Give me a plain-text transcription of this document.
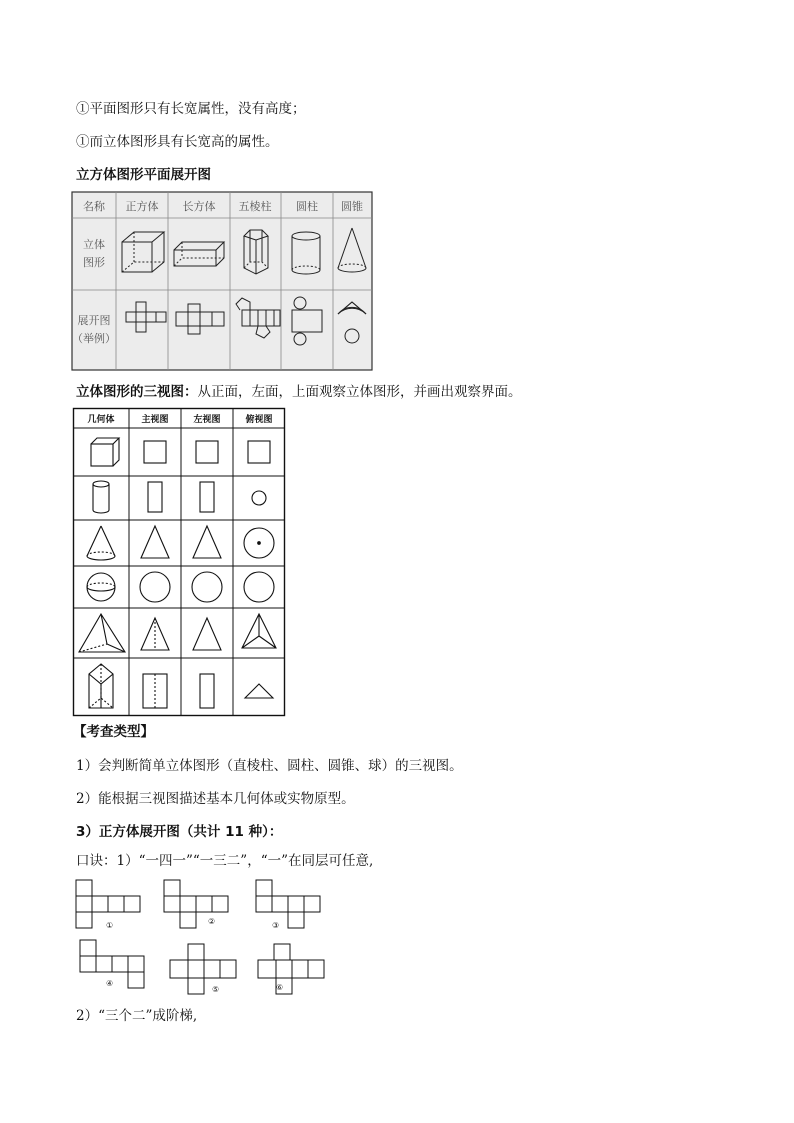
①平面图形只有长宽属性，没有高度；
①而立体图形具有长宽高的属性。
立方体图形平面展开图
名称 正方体 长方体 五棱柱 圆柱 圆锥
立体
图形
展开图
（举例）
立体图形的三视图：从正面，左面，上面观察立体图形，并画出观察界面。
几何体	主视图	左视图	俯视图
【考查类型】
1）会判断简单立体图形（直棱柱、圆柱、圆锥、球）的三视图。
2）能根据三视图描述基本几何体或实物原型。
3）正方体展开图（共计 11 种）：
口诀：1）“一四一”“一三二”，“一”在同层可任意,
①	②	③
④
⑤	⑥
2）“三个二”成阶梯,
